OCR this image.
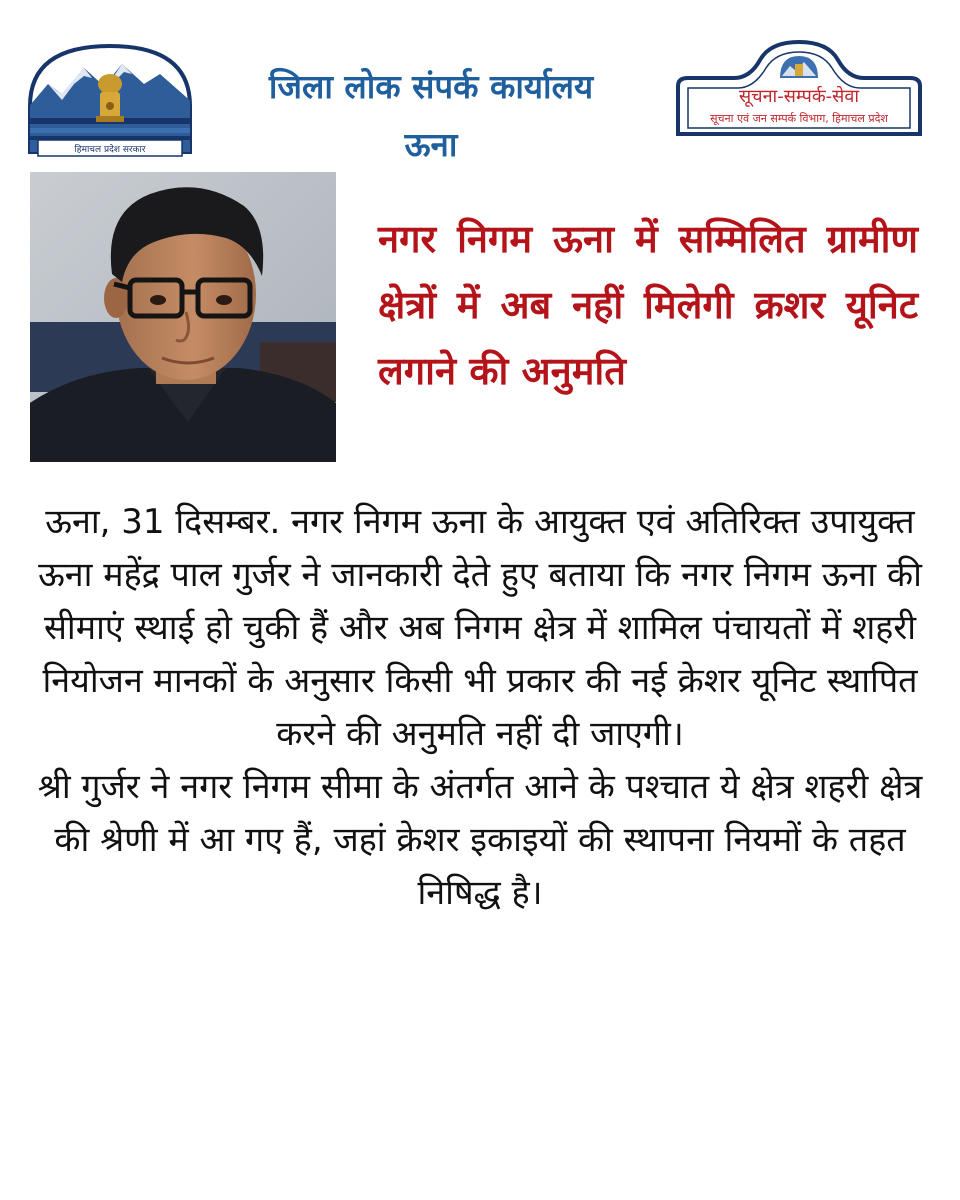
हिमाचल प्रदेश सरकार
जिला लोक संपर्क कार्यालय
ऊना
सूचना-सम्पर्क-सेवा
सूचना एवं जन सम्पर्क विभाग, हिमाचल प्रदेश
नगर निगम ऊना में सम्मिलित ग्रामीण क्षेत्रों में अब नहीं मिलेगी क्रशर यूनिट लगाने की अनुमति

ऊना, 31 दिसम्बर. नगर निगम ऊना के आयुक्त एवं अतिरिक्त उपायुक्त ऊना महेंद्र पाल गुर्जर ने जानकारी देते हुए बताया कि नगर निगम ऊना की सीमाएं स्थाई हो चुकी हैं और अब निगम क्षेत्र में शामिल पंचायतों में शहरी नियोजन मानकों के अनुसार किसी भी प्रकार की नई क्रेशर यूनिट स्थापित करने की अनुमति नहीं दी जाएगी।

श्री गुर्जर ने नगर निगम सीमा के अंतर्गत आने के पश्चात ये क्षेत्र शहरी क्षेत्र की श्रेणी में आ गए हैं, जहां क्रेशर इकाइयों की स्थापना नियमों के तहत निषिद्ध है।
